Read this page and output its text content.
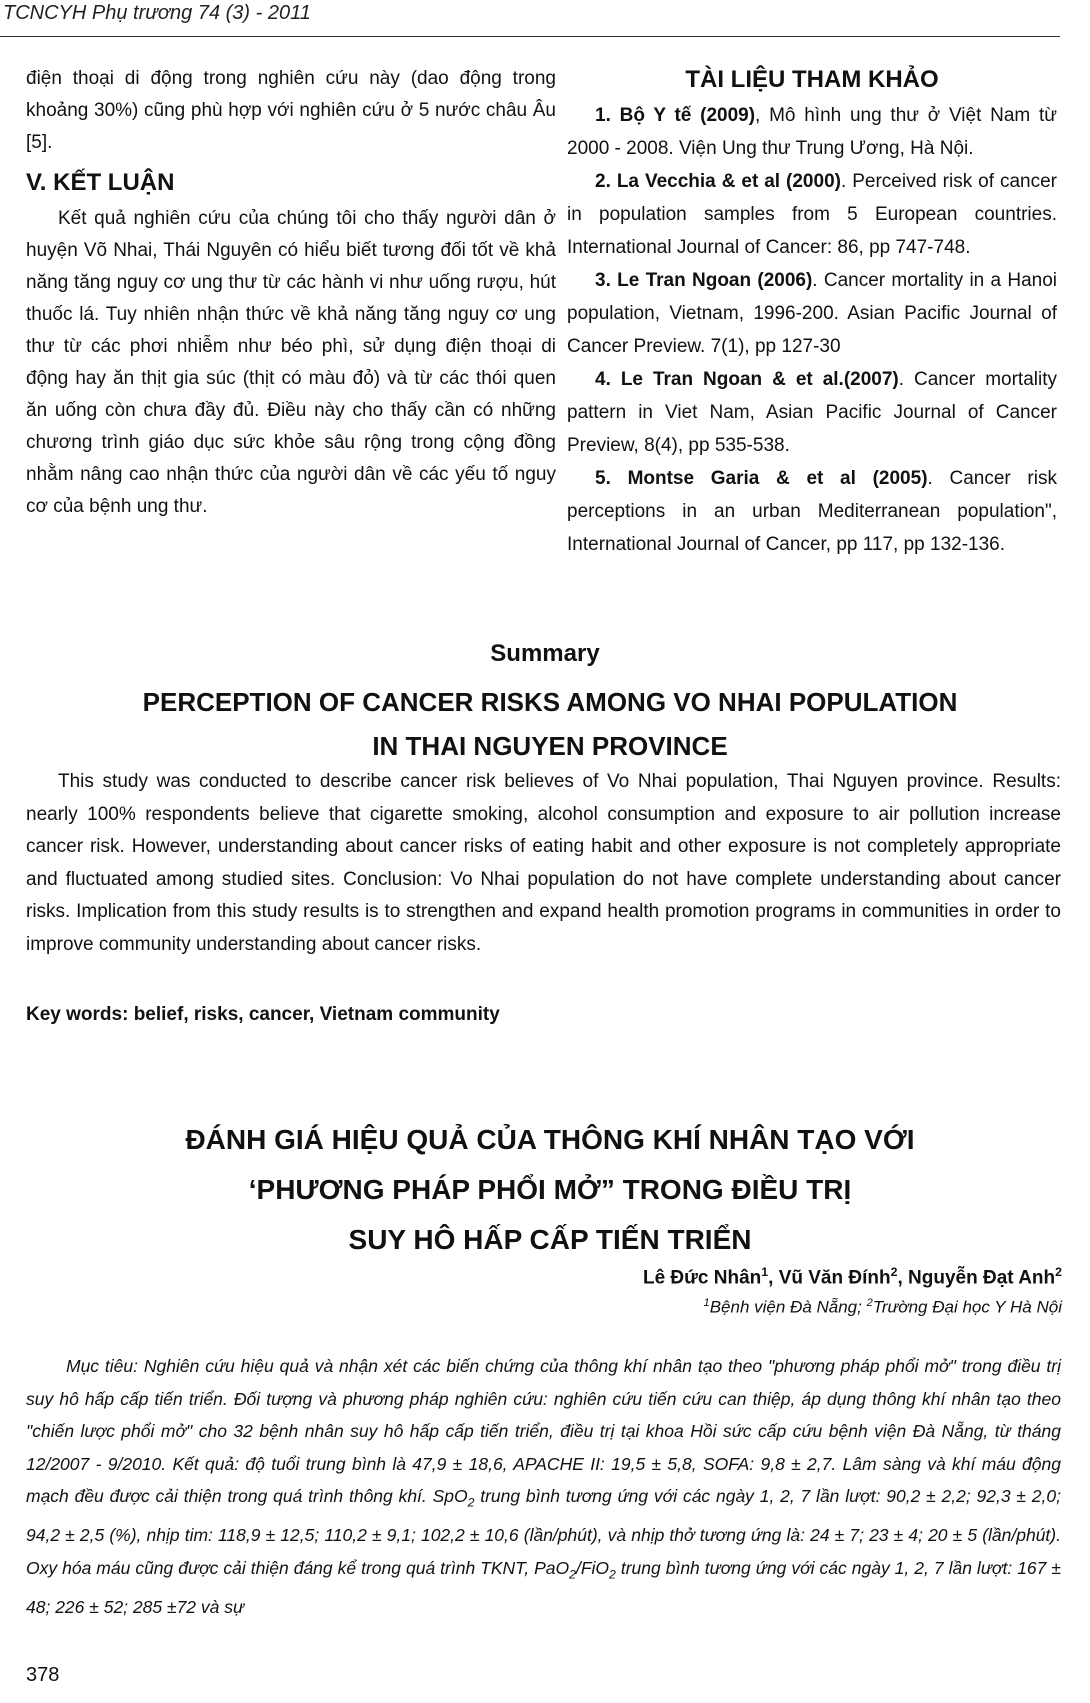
TCNCYH Phụ trương 74 (3) - 2011

điện thoại di động trong nghiên cứu này (dao động trong khoảng 30%) cũng phù hợp với nghiên cứu ở 5 nước châu Âu [5].

V. KẾT LUẬN

Kết quả nghiên cứu của chúng tôi cho thấy người dân ở huyện Võ Nhai, Thái Nguyên có hiểu biết tương đối tốt về khả năng tăng nguy cơ ung thư từ các hành vi như uống rượu, hút thuốc lá. Tuy nhiên nhận thức về khả năng tăng nguy cơ ung thư từ các phơi nhiễm như béo phì, sử dụng điện thoại di động hay ăn thịt gia súc (thịt có màu đỏ) và từ các thói quen ăn uống còn chưa đầy đủ. Điều này cho thấy cần có những chương trình giáo dục sức khỏe sâu rộng trong cộng đồng nhằm nâng cao nhận thức của người dân về các yếu tố nguy cơ của bệnh ung thư.

TÀI LIỆU THAM KHẢO

1. Bộ Y tế (2009), Mô hình ung thư ở Việt Nam từ 2000 - 2008. Viện Ung thư Trung Ương, Hà Nội.

2. La Vecchia & et al (2000). Perceived risk of cancer in population samples from 5 European countries. International Journal of Cancer: 86, pp 747-748.

3. Le Tran Ngoan (2006). Cancer mortality in a Hanoi population, Vietnam, 1996-200. Asian Pacific Journal of Cancer Preview. 7(1), pp 127-30

4. Le Tran Ngoan & et al.(2007). Cancer mortality pattern in Viet Nam, Asian Pacific Journal of Cancer Preview, 8(4), pp 535-538.

5. Montse Garia & et al (2005). Cancer risk perceptions in an urban Mediterranean population", International Journal of Cancer, pp 117, pp 132-136.

Summary

PERCEPTION OF CANCER RISKS AMONG VO NHAI POPULATION
IN THAI NGUYEN PROVINCE

This study was conducted to describe cancer risk believes of Vo Nhai population, Thai Nguyen province. Results: nearly 100% respondents believe that cigarette smoking, alcohol consumption and exposure to air pollution increase cancer risk. However, understanding about cancer risks of eating habit and other exposure is not completely appropriate and fluctuated among studied sites. Conclusion: Vo Nhai population do not have complete understanding about cancer risks. Implication from this study results is to strengthen and expand health promotion programs in communities in order to improve community understanding about cancer risks.

Key words: belief, risks, cancer, Vietnam community

ĐÁNH GIÁ HIỆU QUẢ CỦA THÔNG KHÍ NHÂN TẠO VỚI
‘PHƯƠNG PHÁP PHỔI MỞ” TRONG ĐIỀU TRỊ
SUY HÔ HẤP CẤP TIẾN TRIỂN

Lê Đức Nhân$^1$, Vũ Văn Đính$^2$, Nguyễn Đạt Anh$^2$
$^1$Bệnh viện Đà Nẵng; $^2$Trường Đại học Y Hà Nội

Mục tiêu: Nghiên cứu hiệu quả và nhận xét các biến chứng của thông khí nhân tạo theo "phương pháp phổi mở" trong điều trị suy hô hấp cấp tiến triển. Đối tượng và phương pháp nghiên cứu: nghiên cứu tiến cứu can thiệp, áp dụng thông khí nhân tạo theo "chiến lược phổi mở" cho 32 bệnh nhân suy hô hấp cấp tiến triển, điều trị tại khoa Hồi sức cấp cứu bệnh viện Đà Nẵng, từ tháng 12/2007 - 9/2010. Kết quả: độ tuổi trung bình là 47,9 ± 18,6, APACHE II: 19,5 ± 5,8, SOFA: 9,8 ± 2,7. Lâm sàng và khí máu động mạch đều được cải thiện trong quá trình thông khí. SpO$_2$ trung bình tương ứng với các ngày 1, 2, 7 lần lượt: 90,2 ± 2,2; 92,3 ± 2,0; 94,2 ± 2,5 (%), nhịp tim: 118,9 ± 12,5; 110,2 ± 9,1; 102,2 ± 10,6 (lần/phút), và nhịp thở tương ứng là: 24 ± 7; 23 ± 4; 20 ± 5 (lần/phút). Oxy hóa máu cũng được cải thiện đáng kể trong quá trình TKNT, PaO$_2$/FiO$_2$ trung bình tương ứng với các ngày 1, 2, 7 lần lượt: 167 ± 48; 226 ± 52; 285 ±72 và sự

378
